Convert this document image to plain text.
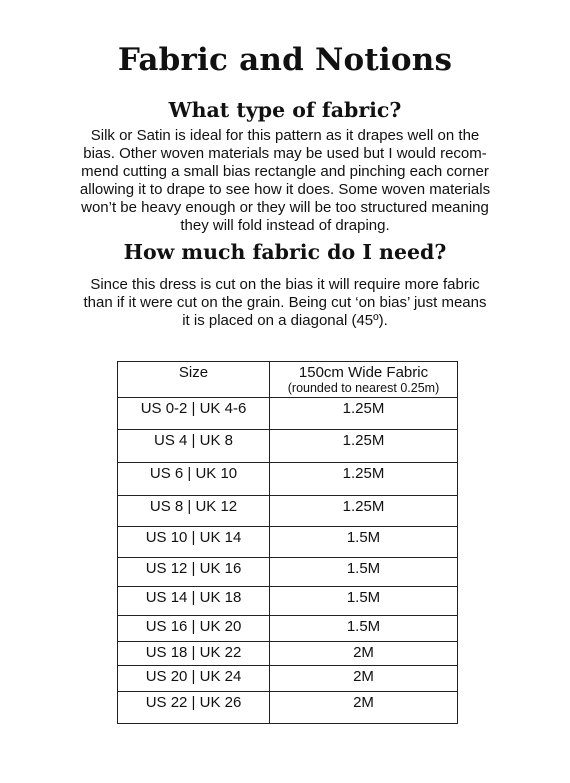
Fabric and Notions
What type of fabric?
Silk or Satin is ideal for this pattern as it drapes well on the
bias. Other woven materials may be used but I would recom-
mend cutting a small bias rectangle and pinching each corner
allowing it to drape to see how it does. Some woven materials
won’t be heavy enough or they will be too structured meaning
they will fold instead of draping.
How much fabric do I need?
Since this dress is cut on the bias it will require more fabric
than if it were cut on the grain. Being cut ‘on bias’ just means
it is placed on a diagonal (45º).
Size	150cm Wide Fabric
(rounded to nearest 0.25m)

US 0-2 | UK 4-6	1.25M
US 4 | UK 8	1.25M
US 6 | UK 10	1.25M
US 8 | UK 12	1.25M
US 10 | UK 14	1.5M
US 12 | UK 16	1.5M
US 14 | UK 18	1.5M
US 16 | UK 20	1.5M
US 18 | UK 22	2M
US 20 | UK 24	2M
US 22 | UK 26	2M
